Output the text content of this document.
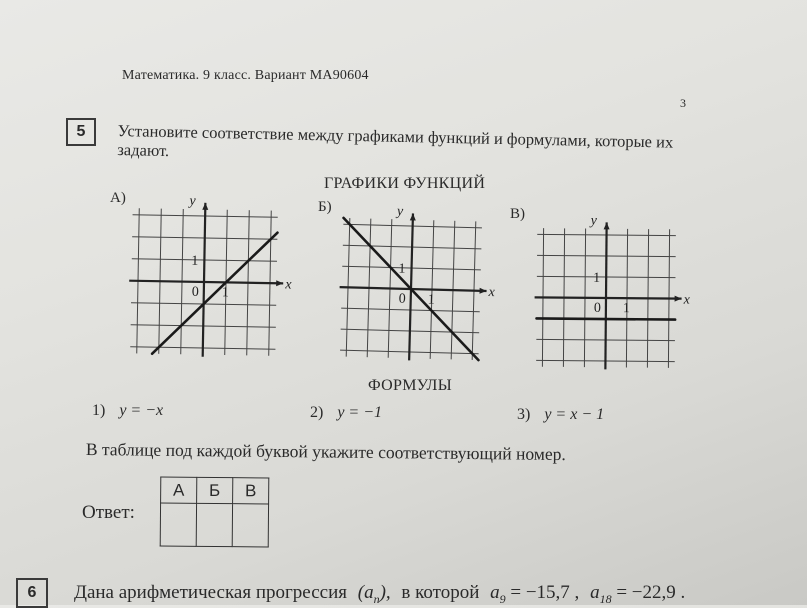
Математика. 9 класс. Вариант МА90604
3
5	Установите соответствие между графиками функций и формулами, которые их задают.
ГРАФИКИ ФУНКЦИЙ
А)
x
y
0 1
1
Б)
x
y
0 1
1
В)
x
y
0 1
1
ФОРМУЛЫ
1) y = −x	2) y = −1	3) y = x − 1
В таблице под каждой буквой укажите соответствующий номер.
Ответ:
А	Б	В

6	Дана арифметическая прогрессия $(a_n)$, в которой $a_9 = -15,7$ , $a_{18} = -22,9$ .
